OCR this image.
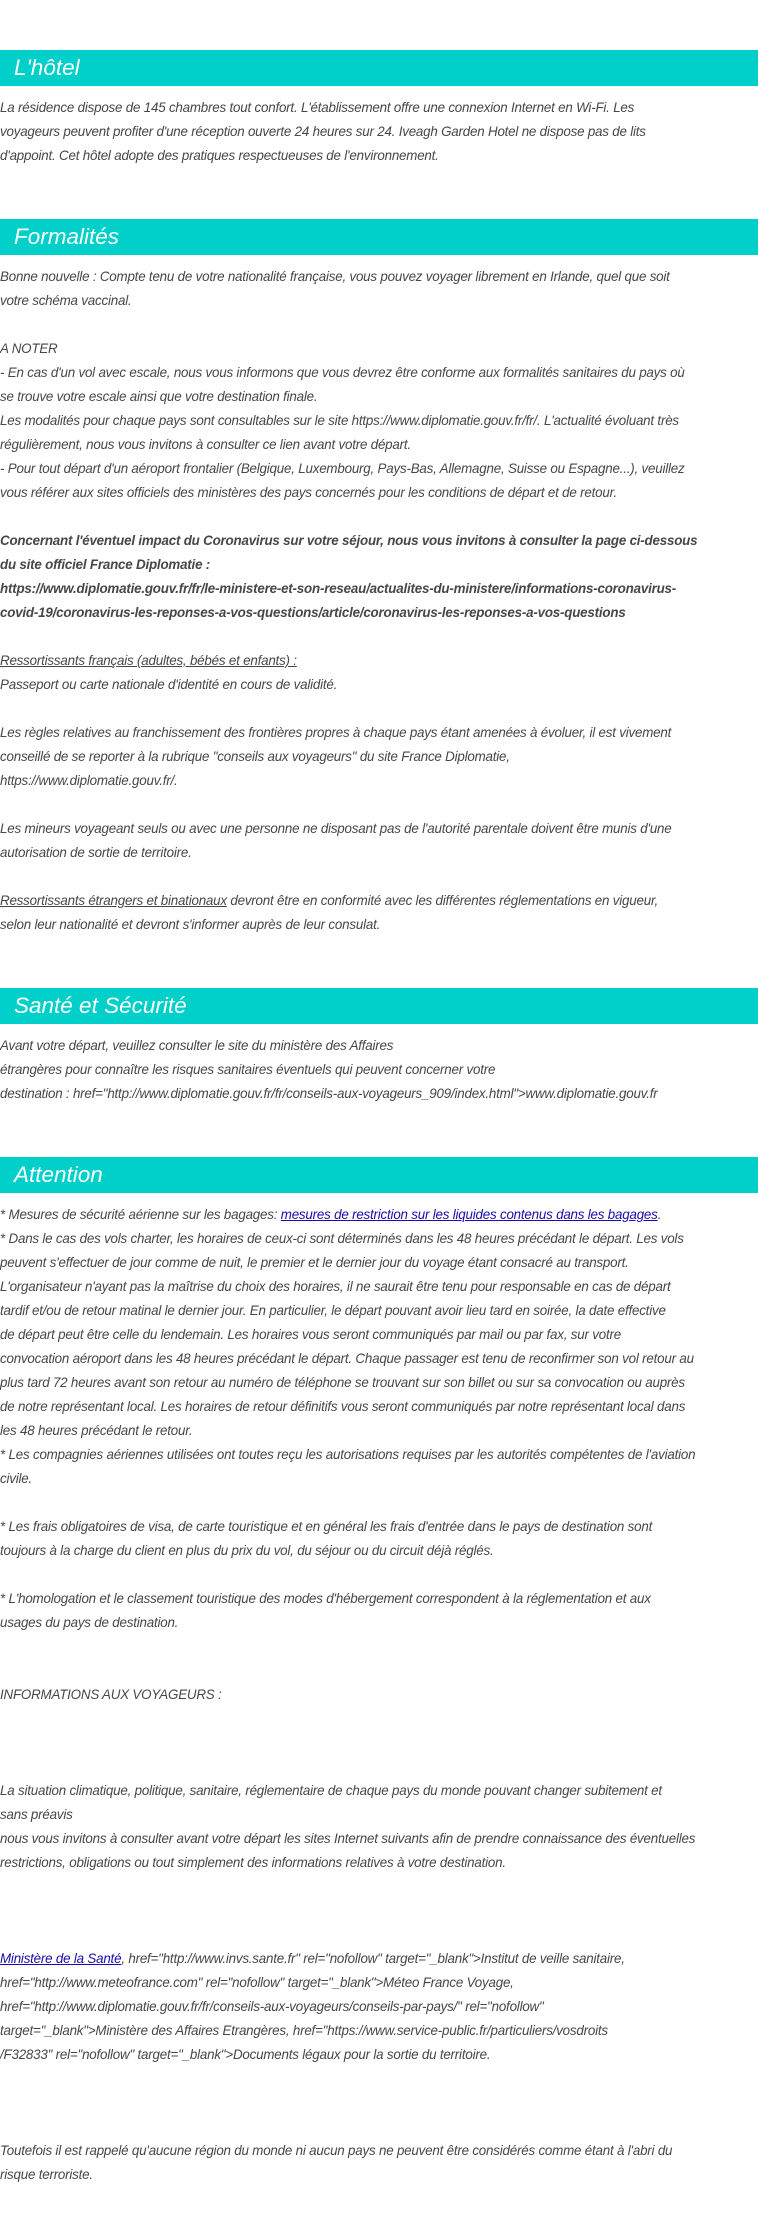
L'hôtel

La résidence dispose de 145 chambres tout confort. L'établissement offre une connexion Internet en Wi-Fi. Les

voyageurs peuvent profiter d'une réception ouverte 24 heures sur 24. Iveagh Garden Hotel ne dispose pas de lits

d'appoint. Cet hôtel adopte des pratiques respectueuses de l'environnement.

Formalités

Bonne nouvelle : Compte tenu de votre nationalité française, vous pouvez voyager librement en Irlande, quel que soit

votre schéma vaccinal.

A NOTER

- En cas d'un vol avec escale, nous vous informons que vous devrez être conforme aux formalités sanitaires du pays où

se trouve votre escale ainsi que votre destination finale.

Les modalités pour chaque pays sont consultables sur le site https://www.diplomatie.gouv.fr/fr/. L'actualité évoluant très

régulièrement, nous vous invitons à consulter ce lien avant votre départ.

- Pour tout départ d'un aéroport frontalier (Belgique, Luxembourg, Pays-Bas, Allemagne, Suisse ou Espagne...), veuillez

vous référer aux sites officiels des ministères des pays concernés pour les conditions de départ et de retour.

Concernant l'éventuel impact du Coronavirus sur votre séjour, nous vous invitons à consulter la page ci-dessous

du site officiel France Diplomatie :

https://www.diplomatie.gouv.fr/fr/le-ministere-et-son-reseau/actualites-du-ministere/informations-coronavirus-

covid-19/coronavirus-les-reponses-a-vos-questions/article/coronavirus-les-reponses-a-vos-questions

Ressortissants français (adultes, bébés et enfants) :

Passeport ou carte nationale d'identité en cours de validité.

Les règles relatives au franchissement des frontières propres à chaque pays étant amenées à évoluer, il est vivement

conseillé de se reporter à la rubrique "conseils aux voyageurs" du site France Diplomatie,

https://www.diplomatie.gouv.fr/.

Les mineurs voyageant seuls ou avec une personne ne disposant pas de l'autorité parentale doivent être munis d'une

autorisation de sortie de territoire.

Ressortissants étrangers et binationaux devront être en conformité avec les différentes réglementations en vigueur,

selon leur nationalité et devront s'informer auprès de leur consulat.

Santé et Sécurité

Avant votre départ, veuillez consulter le site du ministère des Affaires

étrangères pour connaître les risques sanitaires éventuels qui peuvent concerner votre

destination : href="http://www.diplomatie.gouv.fr/fr/conseils-aux-voyageurs_909/index.html">www.diplomatie.gouv.fr

Attention

* Mesures de sécurité aérienne sur les bagages: mesures de restriction sur les liquides contenus dans les bagages.

* Dans le cas des vols charter, les horaires de ceux-ci sont déterminés dans les 48 heures précédant le départ. Les vols

peuvent s'effectuer de jour comme de nuit, le premier et le dernier jour du voyage étant consacré au transport.

L'organisateur n'ayant pas la maîtrise du choix des horaires, il ne saurait être tenu pour responsable en cas de départ

tardif et/ou de retour matinal le dernier jour. En particulier, le départ pouvant avoir lieu tard en soirée, la date effective

de départ peut être celle du lendemain. Les horaires vous seront communiqués par mail ou par fax, sur votre

convocation aéroport dans les 48 heures précédant le départ. Chaque passager est tenu de reconfirmer son vol retour au

plus tard 72 heures avant son retour au numéro de téléphone se trouvant sur son billet ou sur sa convocation ou auprès

de notre représentant local. Les horaires de retour définitifs vous seront communiqués par notre représentant local dans

les 48 heures précédant le retour.

* Les compagnies aériennes utilisées ont toutes reçu les autorisations requises par les autorités compétentes de l'aviation

civile.

* Les frais obligatoires de visa, de carte touristique et en général les frais d'entrée dans le pays de destination sont

toujours à la charge du client en plus du prix du vol, du séjour ou du circuit déjà réglés.

* L'homologation et le classement touristique des modes d'hébergement correspondent à la réglementation et aux

usages du pays de destination.

INFORMATIONS AUX VOYAGEURS :

La situation climatique, politique, sanitaire, réglementaire de chaque pays du monde pouvant changer subitement et

sans préavis

nous vous invitons à consulter avant votre départ les sites Internet suivants afin de prendre connaissance des éventuelles

restrictions, obligations ou tout simplement des informations relatives à votre destination.

Ministère de la Santé, href="http://www.invs.sante.fr" rel="nofollow" target="_blank">Institut de veille sanitaire,

href="http://www.meteofrance.com" rel="nofollow" target="_blank">Méteo France Voyage,

href="http://www.diplomatie.gouv.fr/fr/conseils-aux-voyageurs/conseils-par-pays/" rel="nofollow"

target="_blank">Ministère des Affaires Etrangères, href="https://www.service-public.fr/particuliers/vosdroits

/F32833" rel="nofollow" target="_blank">Documents légaux pour la sortie du territoire.

Toutefois il est rappelé qu'aucune région du monde ni aucun pays ne peuvent être considérés comme étant à l'abri du

risque terroriste.
